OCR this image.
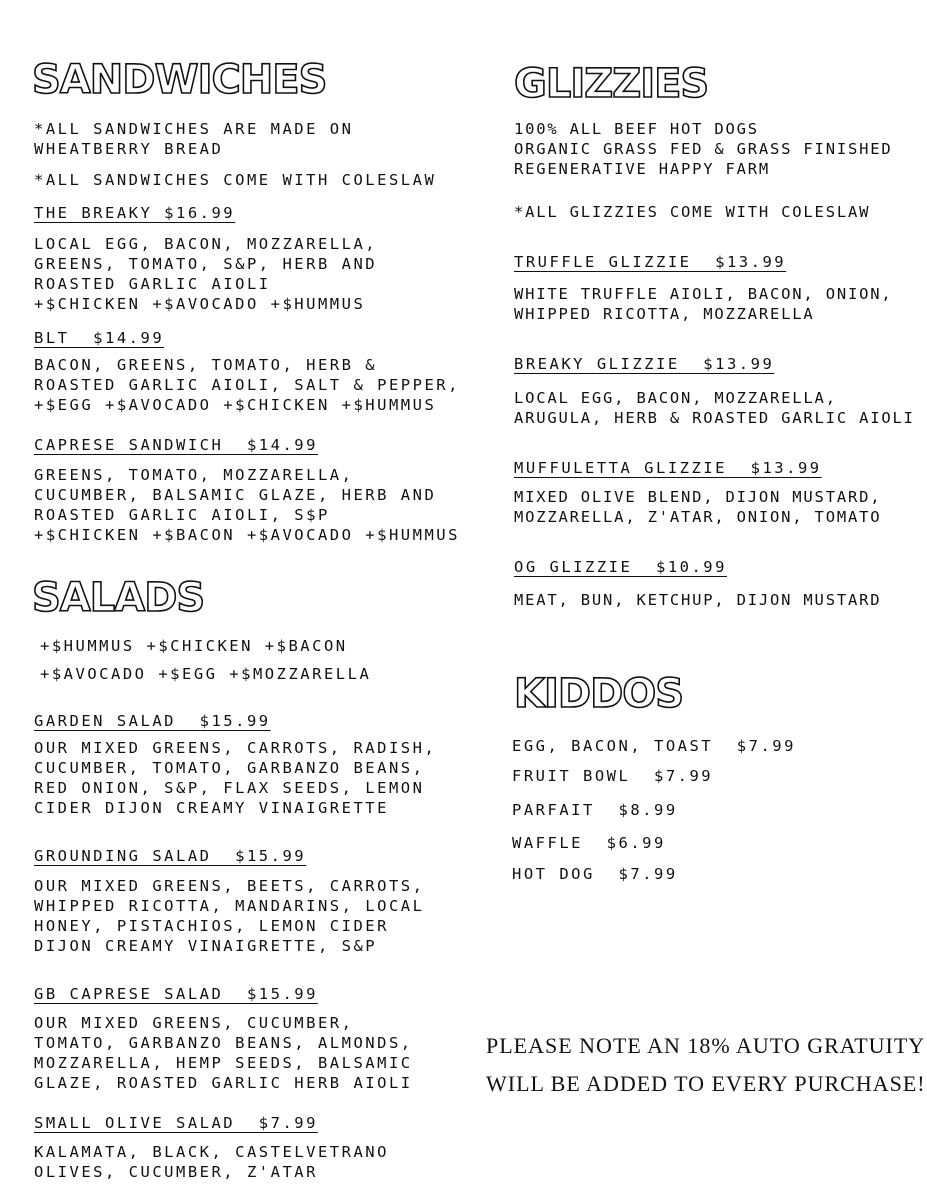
SANDWICHES
*ALL SANDWICHES ARE MADE ON
WHEATBERRY BREAD
*ALL SANDWICHES COME WITH COLESLAW
THE BREAKY $16.99
LOCAL EGG, BACON, MOZZARELLA,
GREENS, TOMATO, S&P, HERB AND
ROASTED GARLIC AIOLI
+$CHICKEN +$AVOCADO +$HUMMUS
BLT  $14.99
BACON, GREENS, TOMATO, HERB &
ROASTED GARLIC AIOLI, SALT & PEPPER,
+$EGG +$AVOCADO +$CHICKEN +$HUMMUS
CAPRESE SANDWICH  $14.99
GREENS, TOMATO, MOZZARELLA,
CUCUMBER, BALSAMIC GLAZE, HERB AND
ROASTED GARLIC AIOLI, S$P
+$CHICKEN +$BACON +$AVOCADO +$HUMMUS
SALADS
+$HUMMUS +$CHICKEN +$BACON
+$AVOCADO +$EGG +$MOZZARELLA
GARDEN SALAD  $15.99
OUR MIXED GREENS, CARROTS, RADISH,
CUCUMBER, TOMATO, GARBANZO BEANS,
RED ONION, S&P, FLAX SEEDS, LEMON
CIDER DIJON CREAMY VINAIGRETTE
GROUNDING SALAD  $15.99
OUR MIXED GREENS, BEETS, CARROTS,
WHIPPED RICOTTA, MANDARINS, LOCAL
HONEY, PISTACHIOS, LEMON CIDER
DIJON CREAMY VINAIGRETTE, S&P
GB CAPRESE SALAD  $15.99
OUR MIXED GREENS, CUCUMBER,
TOMATO, GARBANZO BEANS, ALMONDS,
MOZZARELLA, HEMP SEEDS, BALSAMIC
GLAZE, ROASTED GARLIC HERB AIOLI
SMALL OLIVE SALAD  $7.99
KALAMATA, BLACK, CASTELVETRANO
OLIVES, CUCUMBER, Z'ATAR
GLIZZIES
100% ALL BEEF HOT DOGS
ORGANIC GRASS FED & GRASS FINISHED
REGENERATIVE HAPPY FARM
*ALL GLIZZIES COME WITH COLESLAW
TRUFFLE GLIZZIE  $13.99
WHITE TRUFFLE AIOLI, BACON, ONION,
WHIPPED RICOTTA, MOZZARELLA
BREAKY GLIZZIE  $13.99
LOCAL EGG, BACON, MOZZARELLA,
ARUGULA, HERB & ROASTED GARLIC AIOLI
MUFFULETTA GLIZZIE  $13.99
MIXED OLIVE BLEND, DIJON MUSTARD,
MOZZARELLA, Z'ATAR, ONION, TOMATO
OG GLIZZIE  $10.99
MEAT, BUN, KETCHUP, DIJON MUSTARD
KIDDOS
EGG, BACON, TOAST  $7.99
FRUIT BOWL  $7.99
PARFAIT  $8.99
WAFFLE  $6.99
HOT DOG  $7.99
PLEASE NOTE AN 18% AUTO GRATUITY
WILL BE ADDED TO EVERY PURCHASE!
